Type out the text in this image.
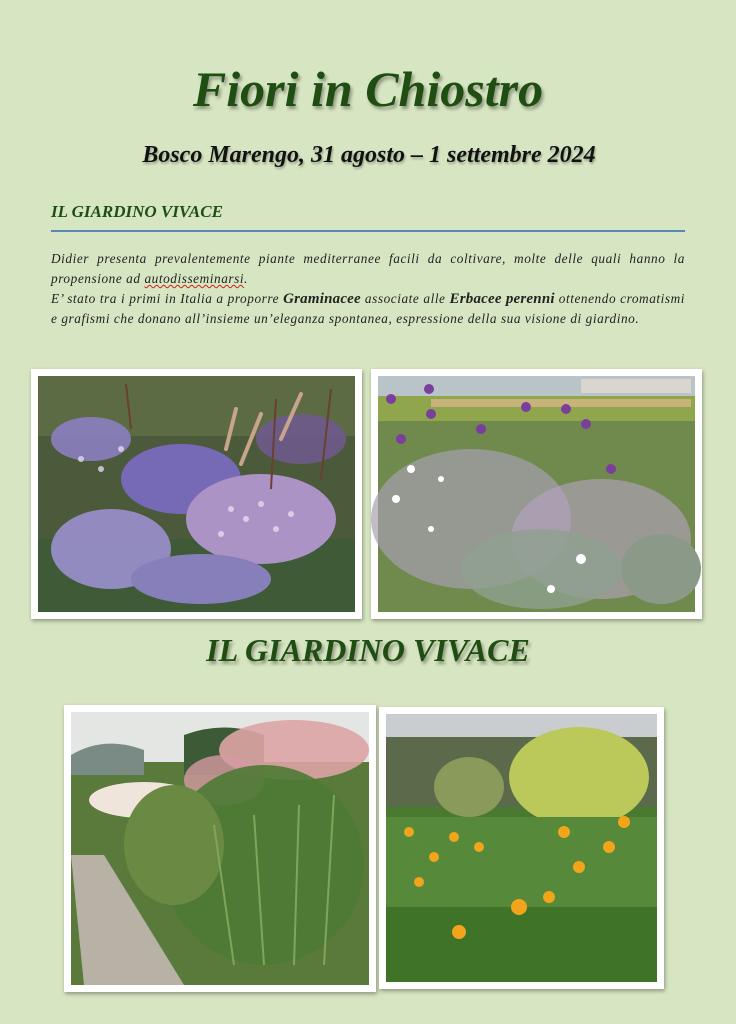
Fiori in Chiostro
Bosco Marengo, 31 agosto – 1 settembre 2024
IL GIARDINO VIVACE

Didier presenta prevalentemente piante mediterranee facili da coltivare, molte delle quali hanno la propensione ad autodisseminarsi.

E’ stato tra i primi in Italia a proporre Graminacee associate alle Erbacee perenni ottenendo cromatismi e grafismi che donano all’insieme un’eleganza spontanea, espressione della sua visione di giardino.

IL GIARDINO VIVACE
